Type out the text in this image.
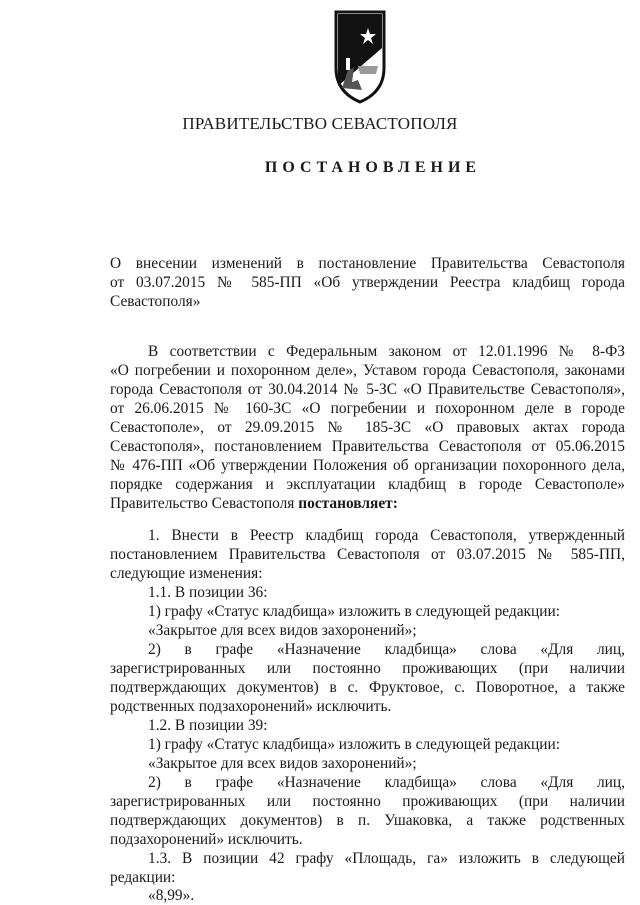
ПРАВИТЕЛЬСТВО СЕВАСТОПОЛЯ
ПОСТАНОВЛЕНИЕ
О внесении изменений в постановление Правительства Севастополя
от 03.07.2015 № 585-ПП «Об утверждении Реестра кладбищ города
Севастополя»
В соответствии с Федеральным законом от 12.01.1996 № 8-ФЗ
«О погребении и похоронном деле», Уставом города Севастополя, законами
города Севастополя от 30.04.2014 № 5-ЗС «О Правительстве Севастополя»,
от 26.06.2015 № 160-ЗС «О погребении и похоронном деле в городе
Севастополе», от 29.09.2015 № 185-ЗС «О правовых актах города
Севастополя», постановлением Правительства Севастополя от 05.06.2015
№ 476-ПП «Об утверждении Положения об организации похоронного дела,
порядке содержания и эксплуатации кладбищ в городе Севастополе»
Правительство Севастополя постановляет:
1. Внести в Реестр кладбищ города Севастополя, утвержденный
постановлением Правительства Севастополя от 03.07.2015 № 585-ПП,
следующие изменения:
1.1. В позиции 36:
1) графу «Статус кладбища» изложить в следующей редакции:
«Закрытое для всех видов захоронений»;
2) в графе «Назначение кладбища» слова «Для лиц,
зарегистрированных или постоянно проживающих (при наличии
подтверждающих документов) в с. Фруктовое, с. Поворотное, а также
родственных подзахоронений» исключить.
1.2. В позиции 39:
1) графу «Статус кладбища» изложить в следующей редакции:
«Закрытое для всех видов захоронений»;
2) в графе «Назначение кладбища» слова «Для лиц,
зарегистрированных или постоянно проживающих (при наличии
подтверждающих документов) в п. Ушаковка, а также родственных
подзахоронений» исключить.
1.3. В позиции 42 графу «Площадь, га» изложить в следующей
редакции:
«8,99».
